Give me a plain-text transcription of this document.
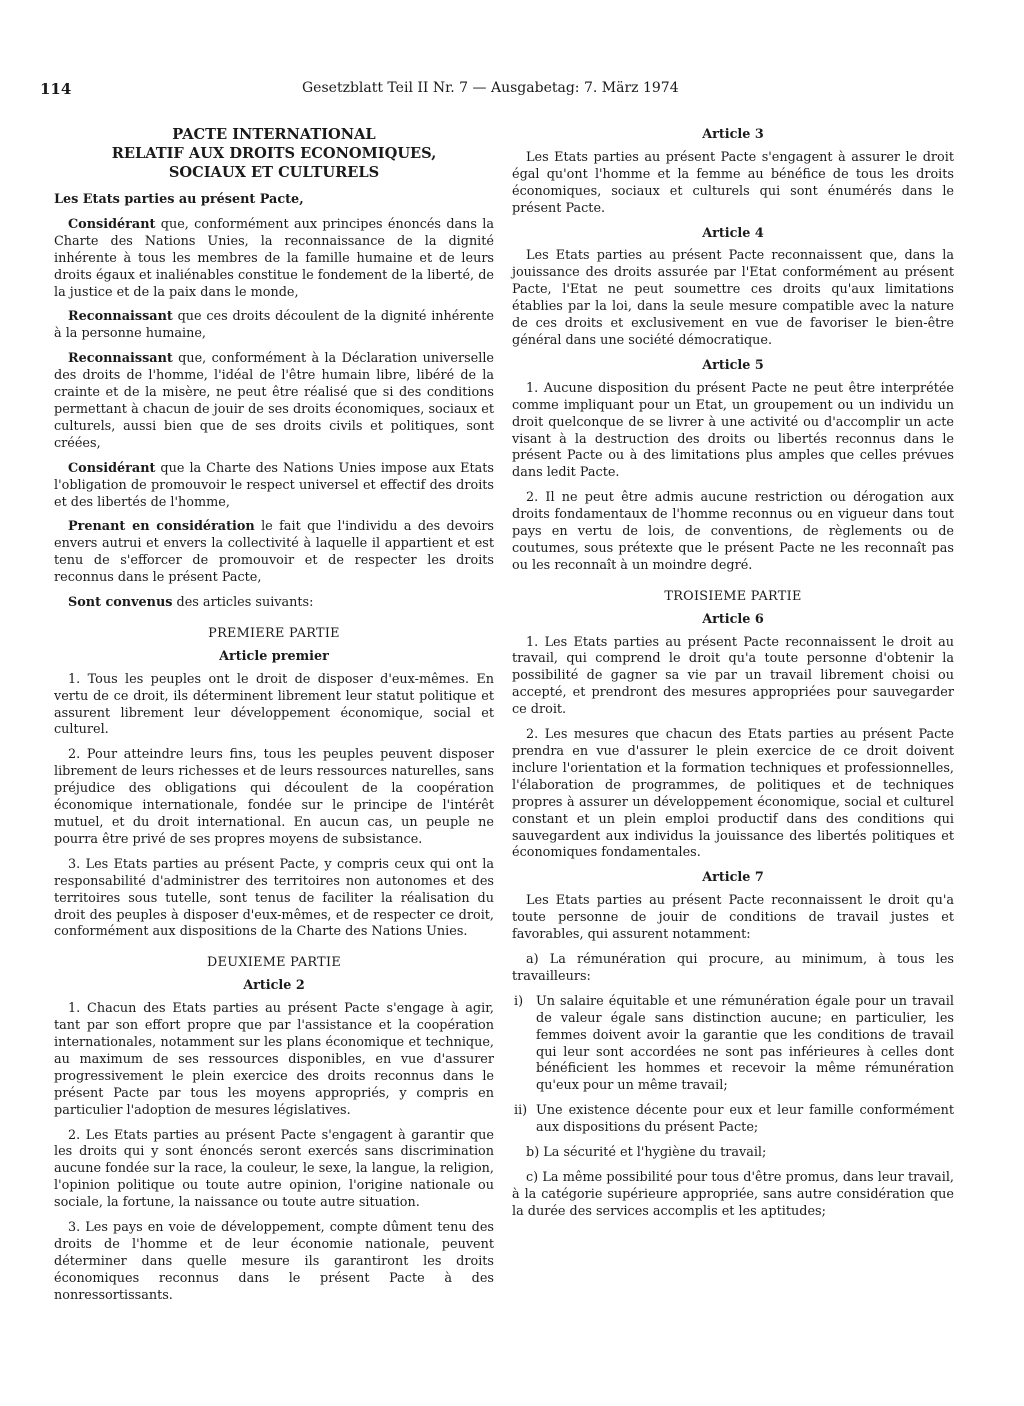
114	Gesetzblatt Teil II Nr. 7 — Ausgabetag: 7. März 1974
PACTE INTERNATIONAL
RELATIF AUX DROITS ECONOMIQUES,
SOCIAUX ET CULTURELS

Les Etats parties au présent Pacte,

Considérant que, conformément aux principes énoncés dans la Charte des Nations Unies, la reconnaissance de la dignité inhérente à tous les membres de la famille humaine et de leurs droits égaux et inaliénables constitue le fondement de la liberté, de la justice et de la paix dans le monde,

Reconnaissant que ces droits découlent de la dignité inhérente à la personne humaine,

Reconnaissant que, conformément à la Déclaration universelle des droits de l'homme, l'idéal de l'être humain libre, libéré de la crainte et de la misère, ne peut être réalisé que si des conditions permettant à chacun de jouir de ses droits économiques, sociaux et culturels, aussi bien que de ses droits civils et politiques, sont créées,

Considérant que la Charte des Nations Unies impose aux Etats l'obligation de promouvoir le respect universel et effectif des droits et des libertés de l'homme,

Prenant en considération le fait que l'individu a des devoirs envers autrui et envers la collectivité à laquelle il appartient et est tenu de s'efforcer de promouvoir et de respecter les droits reconnus dans le présent Pacte,

Sont convenus des articles suivants:

PREMIERE PARTIE
Article premier

1. Tous les peuples ont le droit de disposer d'eux-mêmes. En vertu de ce droit, ils déterminent librement leur statut politique et assurent librement leur développement économique, social et culturel.

2. Pour atteindre leurs fins, tous les peuples peuvent disposer librement de leurs richesses et de leurs ressources naturelles, sans préjudice des obligations qui découlent de la coopération économique internationale, fondée sur le principe de l'intérêt mutuel, et du droit international. En aucun cas, un peuple ne pourra être privé de ses propres moyens de subsistance.

3. Les Etats parties au présent Pacte, y compris ceux qui ont la responsabilité d'administrer des territoires non autonomes et des territoires sous tutelle, sont tenus de faciliter la réalisation du droit des peuples à disposer d'eux-mêmes, et de respecter ce droit, conformément aux dispositions de la Charte des Nations Unies.

DEUXIEME PARTIE
Article 2

1. Chacun des Etats parties au présent Pacte s'engage à agir, tant par son effort propre que par l'assistance et la coopération internationales, notamment sur les plans économique et technique, au maximum de ses ressources disponibles, en vue d'assurer progressivement le plein exercice des droits reconnus dans le présent Pacte par tous les moyens appropriés, y compris en particulier l'adoption de mesures législatives.

2. Les Etats parties au présent Pacte s'engagent à garantir que les droits qui y sont énoncés seront exercés sans discrimination aucune fondée sur la race, la couleur, le sexe, la langue, la religion, l'opinion politique ou toute autre opinion, l'origine nationale ou sociale, la fortune, la naissance ou toute autre situation.

3. Les pays en voie de développement, compte dûment tenu des droits de l'homme et de leur économie nationale, peuvent déterminer dans quelle mesure ils garantiront les droits économiques reconnus dans le présent Pacte à des nonressortissants.

Article 3

Les Etats parties au présent Pacte s'engagent à assurer le droit égal qu'ont l'homme et la femme au bénéfice de tous les droits économiques, sociaux et culturels qui sont énumérés dans le présent Pacte.

Article 4

Les Etats parties au présent Pacte reconnaissent que, dans la jouissance des droits assurée par l'Etat conformément au présent Pacte, l'Etat ne peut soumettre ces droits qu'aux limitations établies par la loi, dans la seule mesure compatible avec la nature de ces droits et exclusivement en vue de favoriser le bien-être général dans une société démocratique.

Article 5

1. Aucune disposition du présent Pacte ne peut être interprétée comme impliquant pour un Etat, un groupement ou un individu un droit quelconque de se livrer à une activité ou d'accomplir un acte visant à la destruction des droits ou libertés reconnus dans le présent Pacte ou à des limitations plus amples que celles prévues dans ledit Pacte.

2. Il ne peut être admis aucune restriction ou dérogation aux droits fondamentaux de l'homme reconnus ou en vigueur dans tout pays en vertu de lois, de conventions, de règlements ou de coutumes, sous prétexte que le présent Pacte ne les reconnaît pas ou les reconnaît à un moindre degré.

TROISIEME PARTIE
Article 6

1. Les Etats parties au présent Pacte reconnaissent le droit au travail, qui comprend le droit qu'a toute personne d'obtenir la possibilité de gagner sa vie par un travail librement choisi ou accepté, et prendront des mesures appropriées pour sauvegarder ce droit.

2. Les mesures que chacun des Etats parties au présent Pacte prendra en vue d'assurer le plein exercice de ce droit doivent inclure l'orientation et la formation techniques et professionnelles, l'élaboration de programmes, de politiques et de techniques propres à assurer un développement économique, social et culturel constant et un plein emploi productif dans des conditions qui sauvegardent aux individus la jouissance des libertés politiques et économiques fondamentales.

Article 7

Les Etats parties au présent Pacte reconnaissent le droit qu'a toute personne de jouir de conditions de travail justes et favorables, qui assurent notamment:

a) La rémunération qui procure, au minimum, à tous les travailleurs:

i)	Un salaire équitable et une rémunération égale pour un travail de valeur égale sans distinction aucune; en particulier, les femmes doivent avoir la garantie que les conditions de travail qui leur sont accordées ne sont pas inférieures à celles dont bénéficient les hommes et recevoir la même rémunération qu'eux pour un même travail;
ii) Une existence décente pour eux et leur famille conformément aux dispositions du présent Pacte;

b) La sécurité et l'hygiène du travail;

c) La même possibilité pour tous d'être promus, dans leur travail, à la catégorie supérieure appropriée, sans autre considération que la durée des services accomplis et les aptitudes;
